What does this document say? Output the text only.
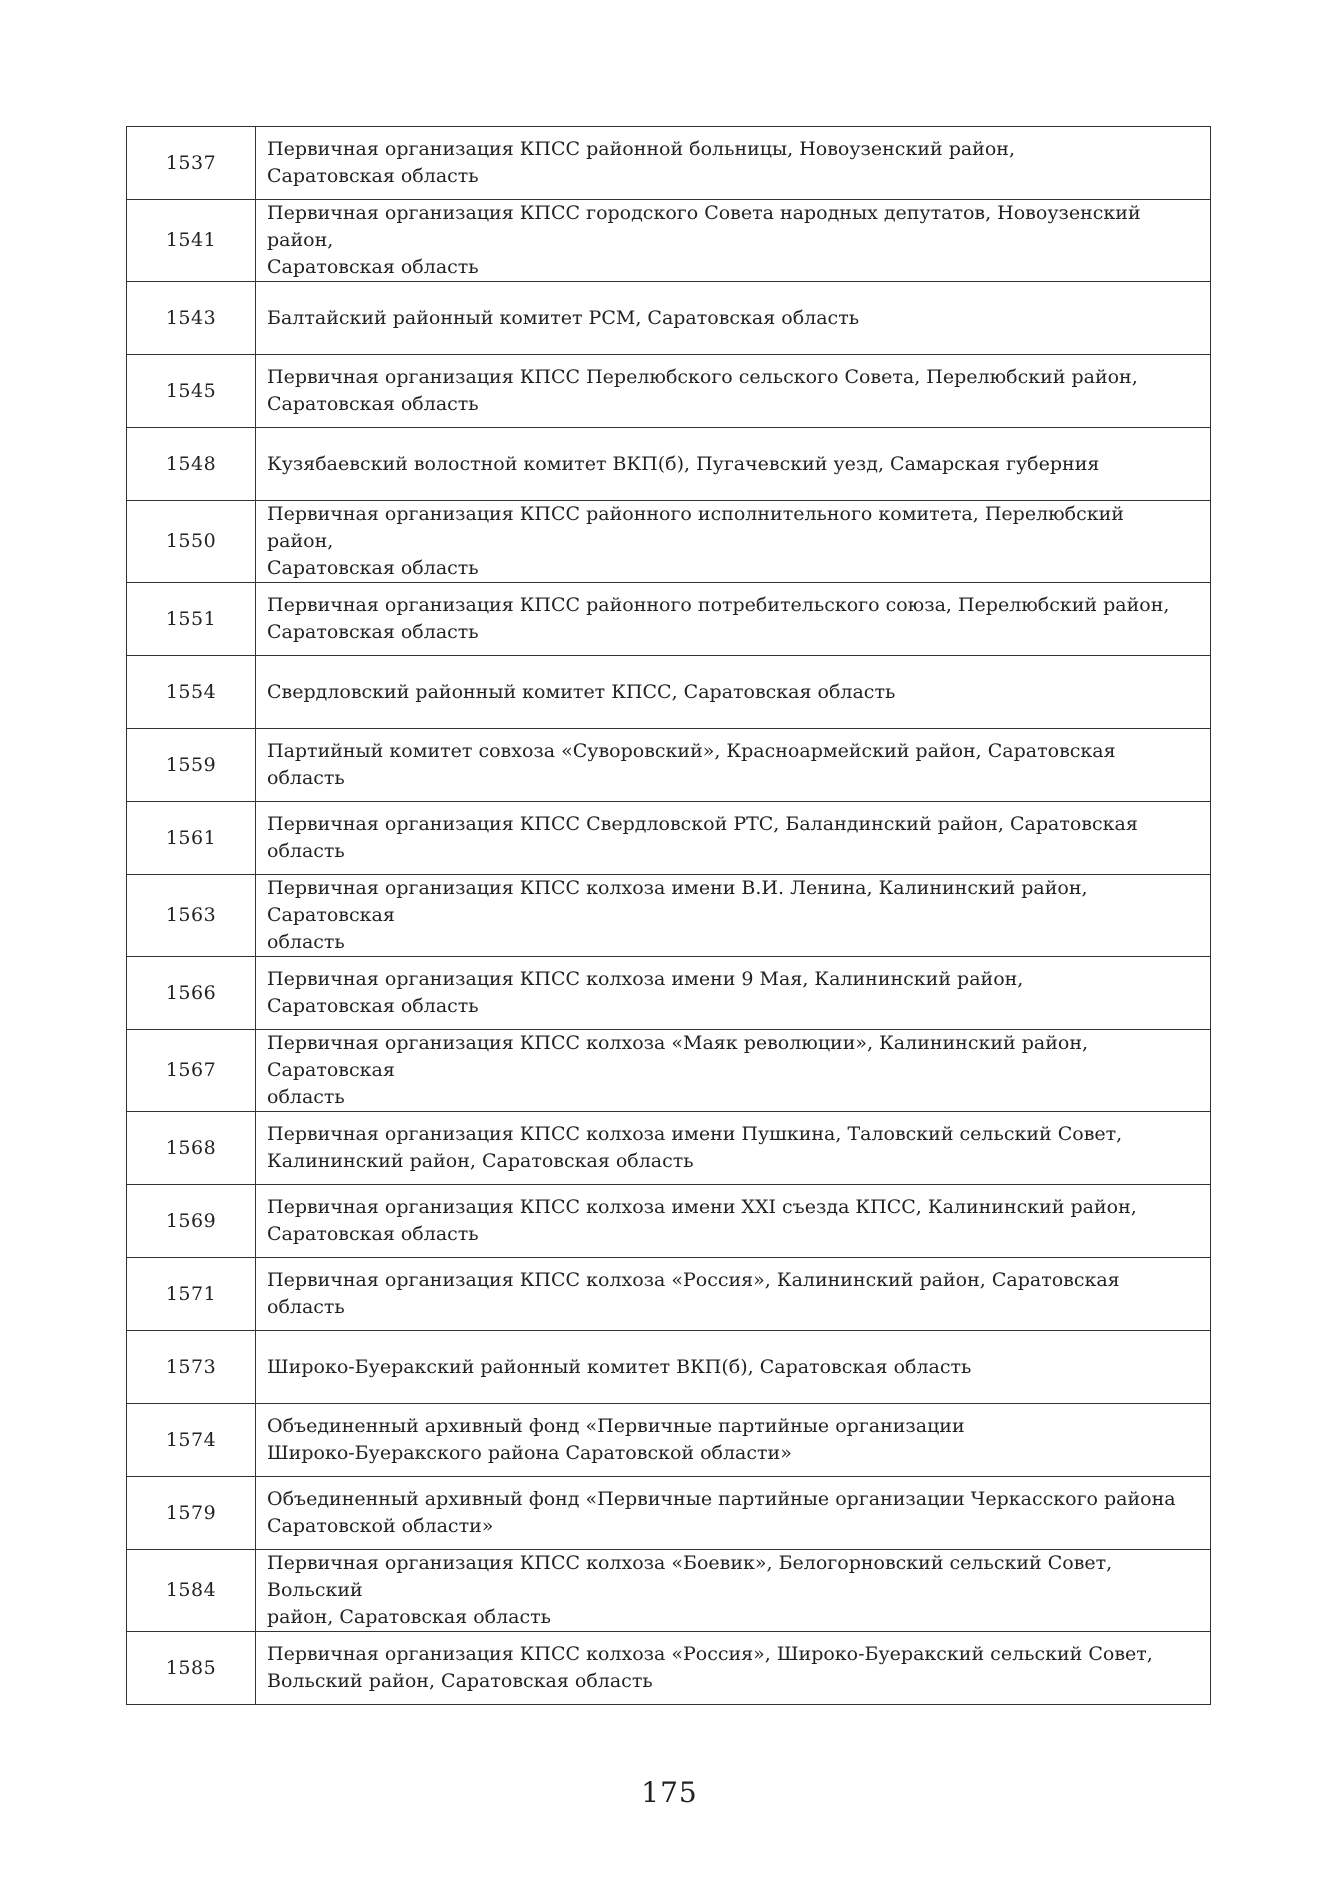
1537	Первичная организация КПСС районной больницы, Новоузенский район,
Саратовская область
1541	Первичная организация КПСС городского Совета народных депутатов, Новоузенский район,
Саратовская область
1543	Балтайский районный комитет РСМ, Саратовская область
1545	Первичная организация КПСС Перелюбского сельского Совета, Перелюбский район,
Саратовская область
1548	Кузябаевский волостной комитет ВКП(б), Пугачевский уезд, Самарская губерния
1550	Первичная организация КПСС районного исполнительного комитета, Перелюбский район,
Саратовская область
1551	Первичная организация КПСС районного потребительского союза, Перелюбский район,
Саратовская область
1554	Свердловский районный комитет КПСС, Саратовская область
1559	Партийный комитет совхоза «Суворовский», Красноармейский район, Саратовская область
1561	Первичная организация КПСС Свердловской РТС, Баландинский район, Саратовская область
1563	Первичная организация КПСС колхоза имени В.И. Ленина, Калининский район, Саратовская
область
1566	Первичная организация КПСС колхоза имени 9 Мая, Калининский район,
Саратовская область
1567	Первичная организация КПСС колхоза «Маяк революции», Калининский район, Саратовская
область
1568	Первичная организация КПСС колхоза имени Пушкина, Таловский сельский Совет,
Калининский район, Саратовская область
1569	Первичная организация КПСС колхоза имени XXI съезда КПСС, Калининский район,
Саратовская область
1571	Первичная организация КПСС колхоза «Россия», Калининский район, Саратовская область
1573	Широко-Буеракский районный комитет ВКП(б), Саратовская область
1574	Объединенный архивный фонд «Первичные партийные организации
Широко-Буеракского района Саратовской области»
1579	Объединенный архивный фонд «Первичные партийные организации Черкасского района
Саратовской области»
1584	Первичная организация КПСС колхоза «Боевик», Белогорновский сельский Совет, Вольский
район, Саратовская область
1585	Первичная организация КПСС колхоза «Россия», Широко-Буеракский сельский Совет,
Вольский район, Саратовская область
175
